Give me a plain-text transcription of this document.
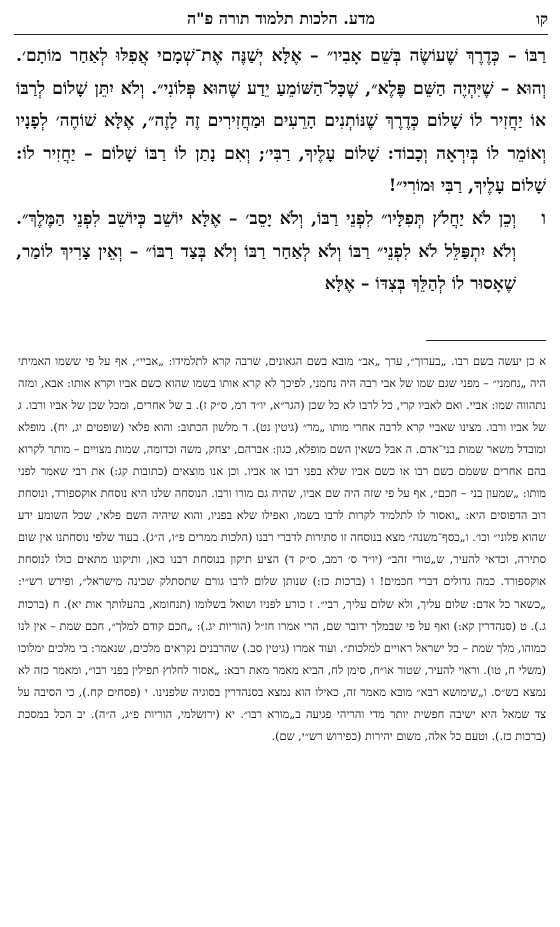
קו
מדע. הלכות תלמוד תורה פ"ה

רַבּוֹ – כְּדֶרֶךְ שֶׁעוֹשֶׂה בְּשֵׁם אָבִיו״ – אֶלָּא יְשַׁנֶּה אֶת־שְׁמָםי אֲפִלּוּ לְאַחַר מוֹתָם׳. וְהוּא – שֶׁיִּהְיֶה הַשֵּׁם פֶּלֶא״, שֶׁכָּל־הַשּׁוֹמֵעַ יֵדַע שֶׁהוּא פְּלוֹנִי״. וְלֹא יִתֵּן שָׁלוֹם לְרַבּוֹ אוֹ יַחֲזִיר לוֹ שָׁלוֹם כְּדֶרֶךְ שֶׁנּוֹתְנִים הָרֵעִים וּמַחֲזִירִים זֶה לָזֶה״, אֶלָּא שׁוֹחֶה׳ לְפָנָיו וְאוֹמֵר לוֹ בְּיִרְאָה וְכָבוֹד: שָׁלוֹם עָלֶיךָ, רַבִּי׳; וְאִם נָתַן לוֹ רַבּוֹ שָׁלוֹם – יַחֲזִיר לוֹ: שָׁלוֹם עָלֶיךָ, רַבִּי וּמוֹרִי״!

ו
וְכֵן לֹא יַחֲלֹץ תְּפִלָּיו״ לִפְנֵי רַבּוֹ, וְלֹא יָסֵב׳ – אֶלָּא יוֹשֵׁב כְּיוֹשֵׁב לִפְנֵי הַמֶּלֶךְ״. וְלֹא יִתְפַּלֵּל לֹא לִפְנֵי״ רַבּוֹ וְלֹא לְאַחַר רַבּוֹ וְלֹא בְּצַד רַבּוֹ״ – וְאֵין צָרִיךְ לוֹמַר, שֶׁאָסוּר לוֹ לְהַלֵּךְ בְּצִדּוֹ – אֶלָּא

א כן יעשה בשם רבו. „בערוך״, ערך „אב״ מובא בשם הגאונים, שרבה קרא לתלמידו: „אביי״, אף על פי ששמו האמיתי היה „נחמני״ – מפני שגם שמו של אבי רבה היה נחמני, לפיכך לא קרא אותו בשמו שהוא כשם אביו וקרא אותו: אבא, ומזה נתהווה שמו: אביי. ואם לאביו קרי, כל לרבו לא כל שכן (הגר״א, יו״ד רמ, ס״ק ז). ב של אחרים, ומכל שכן של אביו ורבו. ג של אביו ורבו. מצינו שאביי קרא לרבה אחרי מותו „מר״ (גיטין נט). ד מלשון הכתוב: והוא פלאי (שופטים יג, יח). מופלא ומובדל משאר שמות בני־אדם. ה אבל כשאין השם מופלא, כגון: אברהם, יצחק, משה וכדומה, שמות מצויים – מותר לקרוא בהם אחרים ששמם כשם רבו או כשם אביו שלא בפני רבו או אביו. וכן אנו מוצאים (כתובות קג:) את רבי שאמר לפני מותו: „שמעון בני – חכם״, אף על פי שזה היה שם אביו, שהיה גם מורו ורבו. הנוסחה שלנו היא נוסחת אוקספורד, ונוסחת רוב הדפוסים היא: „ואסור לו לתלמיד לקרות לרבו בשמו, ואפילו שלא בפניו, והוא שיהיה השם פלאי, שכל השומע ידע שהוא פלוני״ וכו׳. ו„כסף־משנה״ מצא בנוסחה זו סתירות לדברי רבנו (הלכות ממרים פ״ו, ה״ג). בעוד שלפי נוסחתנו אין שום סתירה, וכדאי להעיר, ש„טורי זהב״ (יו״ד ס׳ רמב, ס״ק ד) הציע תיקון בנוסחת רבנו כאן, ותיקונו מתאים כולו לנוסחת אוקספורד. כמה גדולים דברי חכמים! ו (ברכות כז:) שנותן שלום לרבו גורם שתסתלק שכינה מישראל״, ופירש רש״י: „כשאר כל אדם: שלום עליך, ולא שלום עליך, רבי״. ז כורע לפניו ושואל בשלומו (תנחומא, בהעלותך אות יא). ח (ברכות ג.). ט (סנהדרין קא:) ואף על פי שבמלך ידובר שם, הרי אמרו חז״ל (הוריות יג.): „חכם קודם למלך״, חכם שמת – אין לנו כמוהו, מלך שמת – כל ישראל ראויים למלכות״. ועוד אמרו (גיטין סב.) שהרבנים נקראים מלכים, שנאמר: בי מלכים ימלוכו (משלי ח, טו). וראוי להעיר, שטור או״ח, סימן לח, הביא מאמר מאת רבא: „אסור לחלוץ תפילין בפני רבו״, ומאמר כזה לא נמצא בש״ס. ו„שימושא רבא״ מובא מאמר זה, כאילו הוא נמצא בסנהדרין בסוגיה שלפנינו. י (פסחים קח.), כי הסיבה על צד שמאל היא ישיבה חפשית יותר מדי והריהי פגיעה ב„מורא רבו״. יא (ירושלמי, הוריות פ״ג, ה״ה). יב הכל במסכת (ברכות כז.). וטעם כל אלה, משום יהירות (כפירוש רש״י, שם).
